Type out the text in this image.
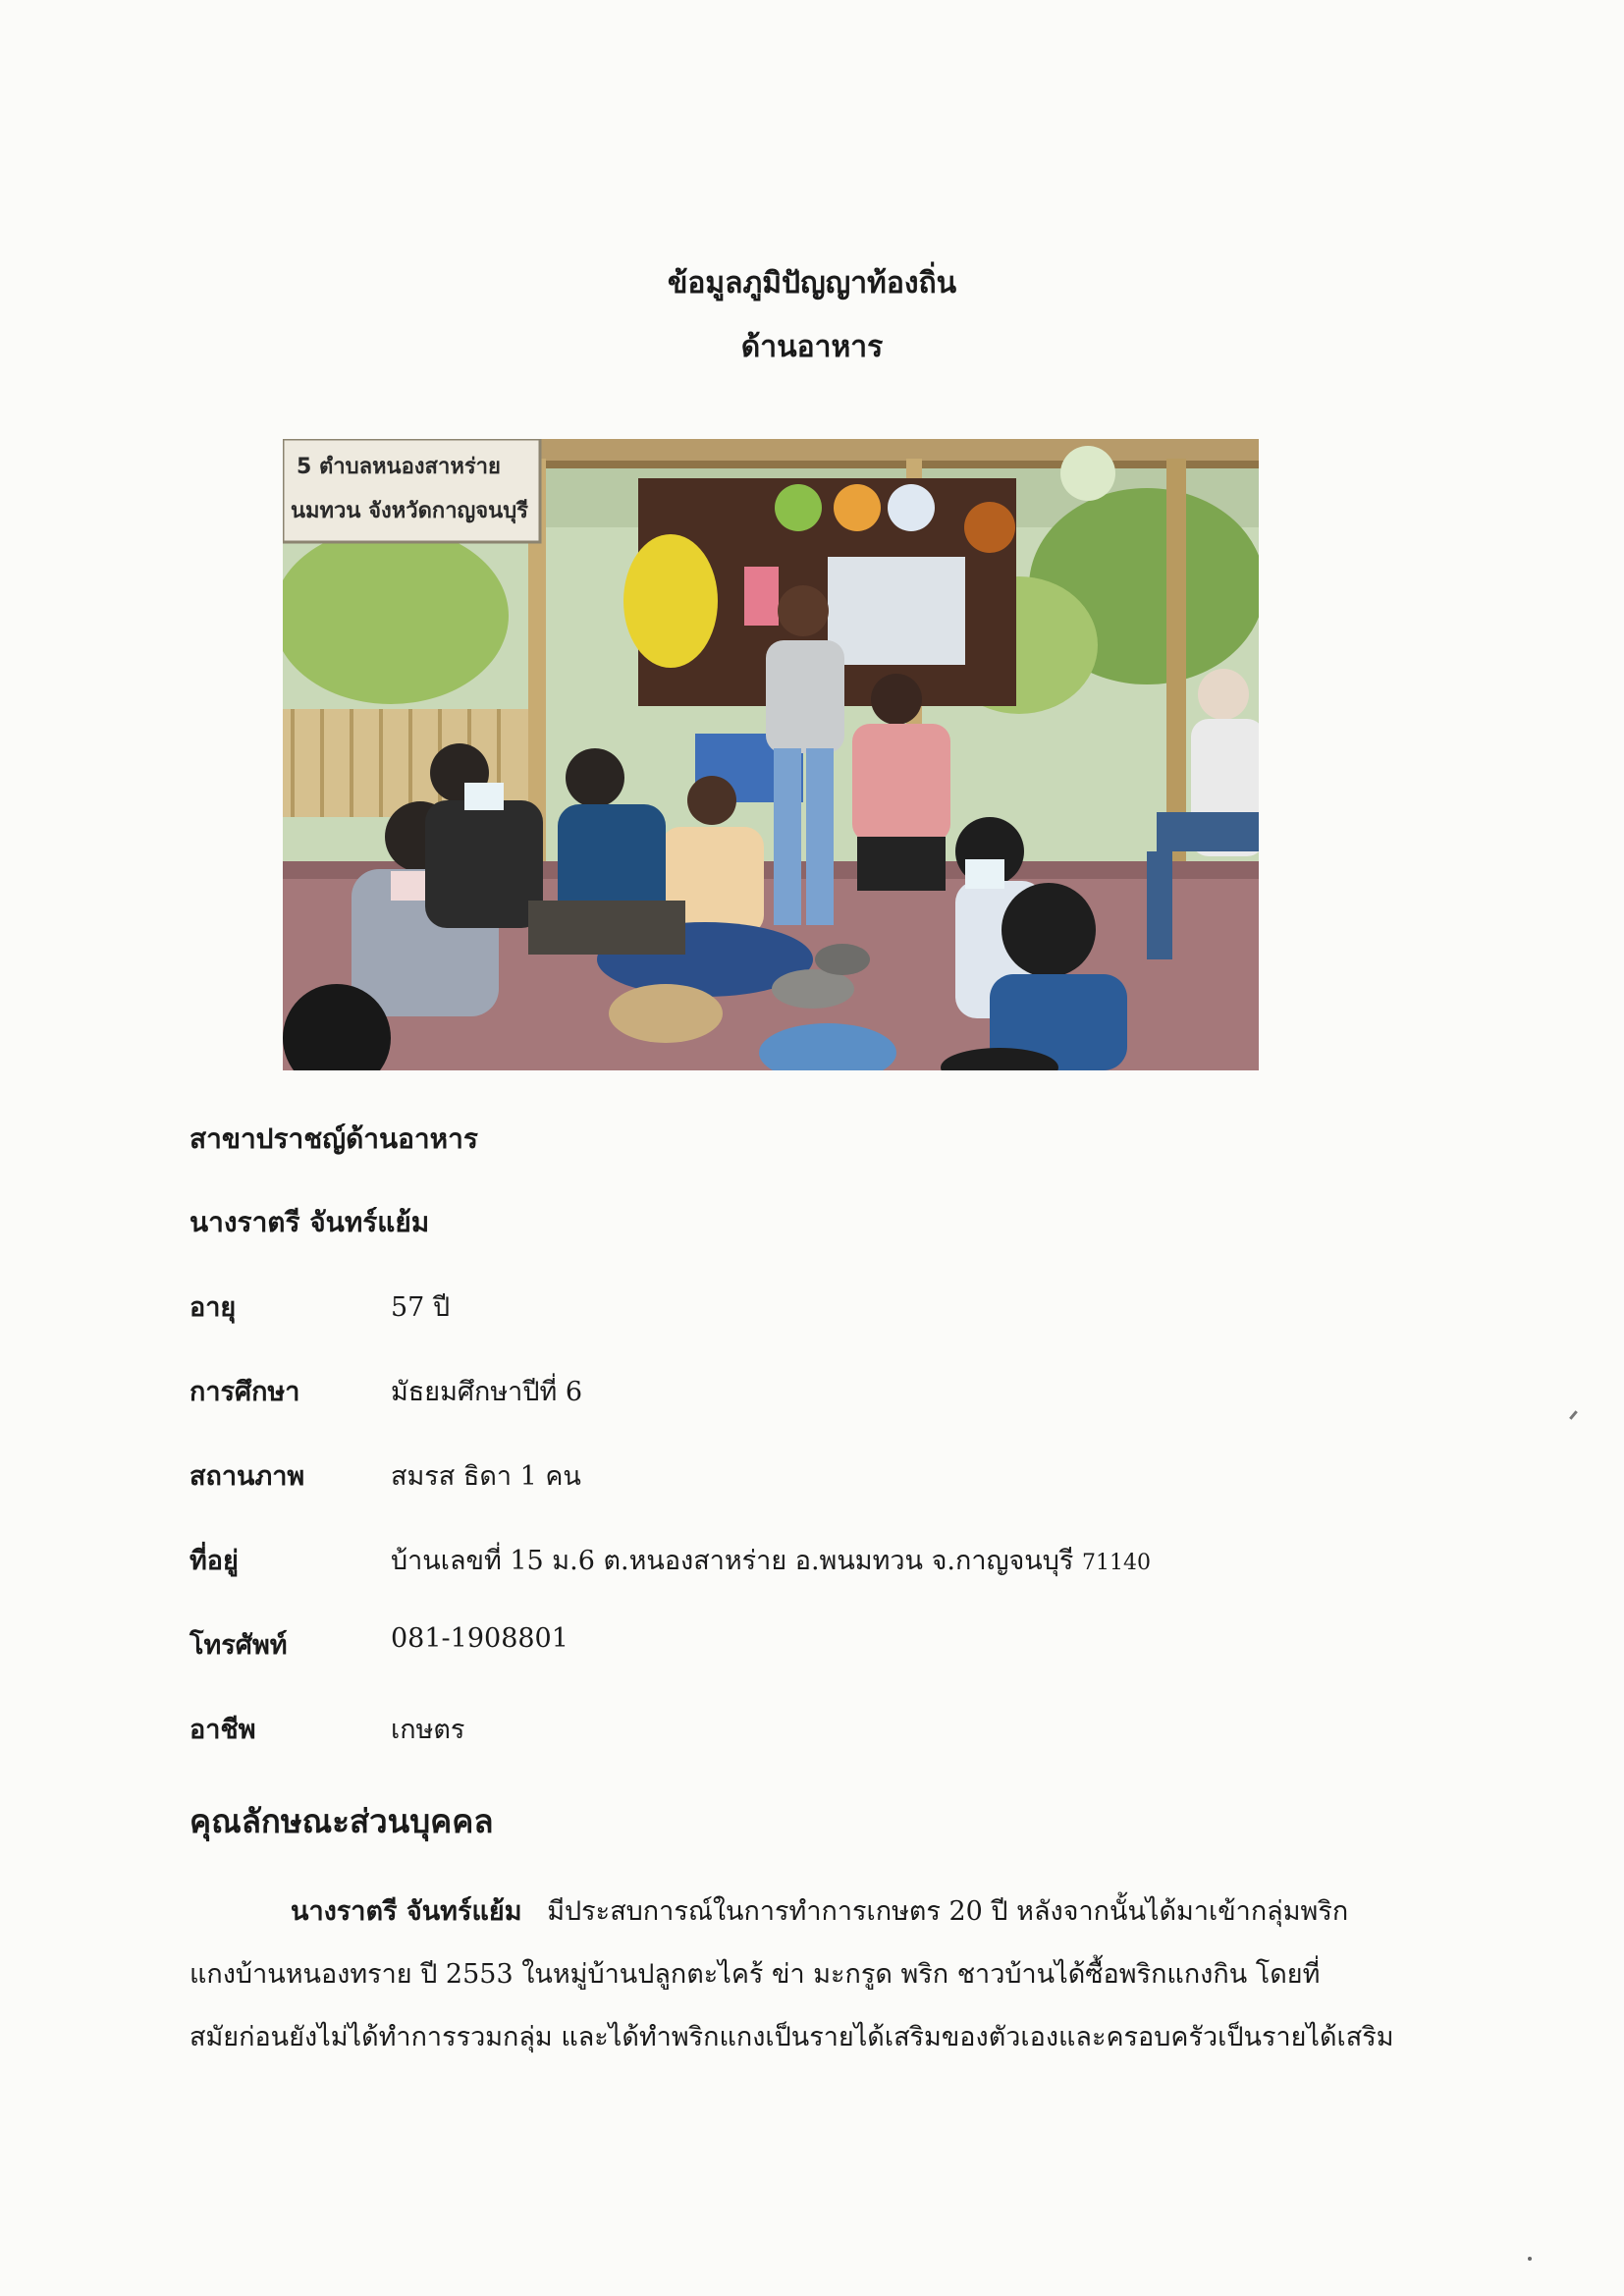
ข้อมูลภูมิปัญญาท้องถิ่น
ด้านอาหาร
5 ตำบลหนองสาหร่าย
นมทวน จังหวัดกาญจนบุรี
สาขาปราชญ์ด้านอาหาร
นางราตรี จันทร์แย้ม
อายุ	57 ปี
การศึกษา	มัธยมศึกษาปีที่ 6
สถานภาพ	สมรส ธิดา 1 คน
ที่อยู่	บ้านเลขที่ 15 ม.6 ต.หนองสาหร่าย อ.พนมทวน จ.กาญจนบุรี 71140
โทรศัพท์	081-1908801
อาชีพ	เกษตร
คุณลักษณะส่วนบุคคล
นางราตรี จันทร์แย้ม   มีประสบการณ์ในการทำการเกษตร 20 ปี หลังจากนั้นได้มาเข้ากลุ่มพริก
แกงบ้านหนองทราย ปี 2553 ในหมู่บ้านปลูกตะไคร้ ข่า มะกรูด พริก ชาวบ้านได้ซื้อพริกแกงกิน โดยที่
สมัยก่อนยังไม่ได้ทำการรวมกลุ่ม และได้ทำพริกแกงเป็นรายได้เสริมของตัวเองและครอบครัวเป็นรายได้เสริม
